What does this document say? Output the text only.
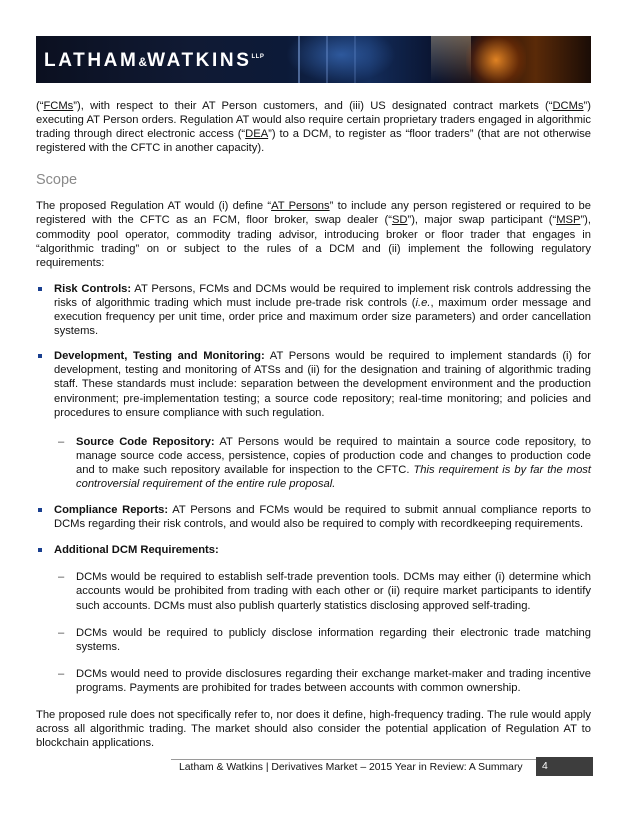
$LATHAM\&WATKINS^{LLP}$

(“FCMs”), with respect to their AT Person customers, and (iii) US designated contract markets (“DCMs”) executing AT Person orders. Regulation AT would also require certain proprietary traders engaged in algorithmic trading through direct electronic access (“DEA”) to a DCM, to register as “floor traders” (that are not otherwise registered with the CFTC in another capacity).

Scope

The proposed Regulation AT would (i) define “AT Persons” to include any person registered or required to be registered with the CFTC as an FCM, floor broker, swap dealer (“SD”), major swap participant (“MSP”), commodity pool operator, commodity trading advisor, introducing broker or floor trader that engages in “algorithmic trading” on or subject to the rules of a DCM and (ii) implement the following regulatory requirements:

Risk Controls: AT Persons, FCMs and DCMs would be required to implement risk controls addressing the risks of algorithmic trading which must include pre-trade risk controls (i.e., maximum order message and execution frequency per unit time, order price and maximum order size parameters) and order cancellation systems.

Development, Testing and Monitoring: AT Persons would be required to implement standards (i) for development, testing and monitoring of ATSs and (ii) for the designation and training of algorithmic trading staff. These standards must include: separation between the development environment and the production environment; pre-implementation testing; a source code repository; real-time monitoring; and policies and procedures to ensure compliance with such regulation.

– Source Code Repository: AT Persons would be required to maintain a source code repository, to manage source code access, persistence, copies of production code and changes to production code and to make such repository available for inspection to the CFTC. This requirement is by far the most controversial requirement of the entire rule proposal.

Compliance Reports: AT Persons and FCMs would be required to submit annual compliance reports to DCMs regarding their risk controls, and would also be required to comply with recordkeeping requirements.

Additional DCM Requirements:

– DCMs would be required to establish self-trade prevention tools. DCMs may either (i) determine which accounts would be prohibited from trading with each other or (ii) require market participants to identify such accounts. DCMs must also publish quarterly statistics disclosing approved self-trading.

– DCMs would be required to publicly disclose information regarding their electronic trade matching systems.

– DCMs would need to provide disclosures regarding their exchange market-maker and trading incentive programs. Payments are prohibited for trades between accounts with common ownership.

The proposed rule does not specifically refer to, nor does it define, high-frequency trading. The rule would apply across all algorithmic trading. The market should also consider the potential application of Regulation AT to blockchain applications.

Latham & Watkins | Derivatives Market – 2015 Year in Review: A Summary 4
